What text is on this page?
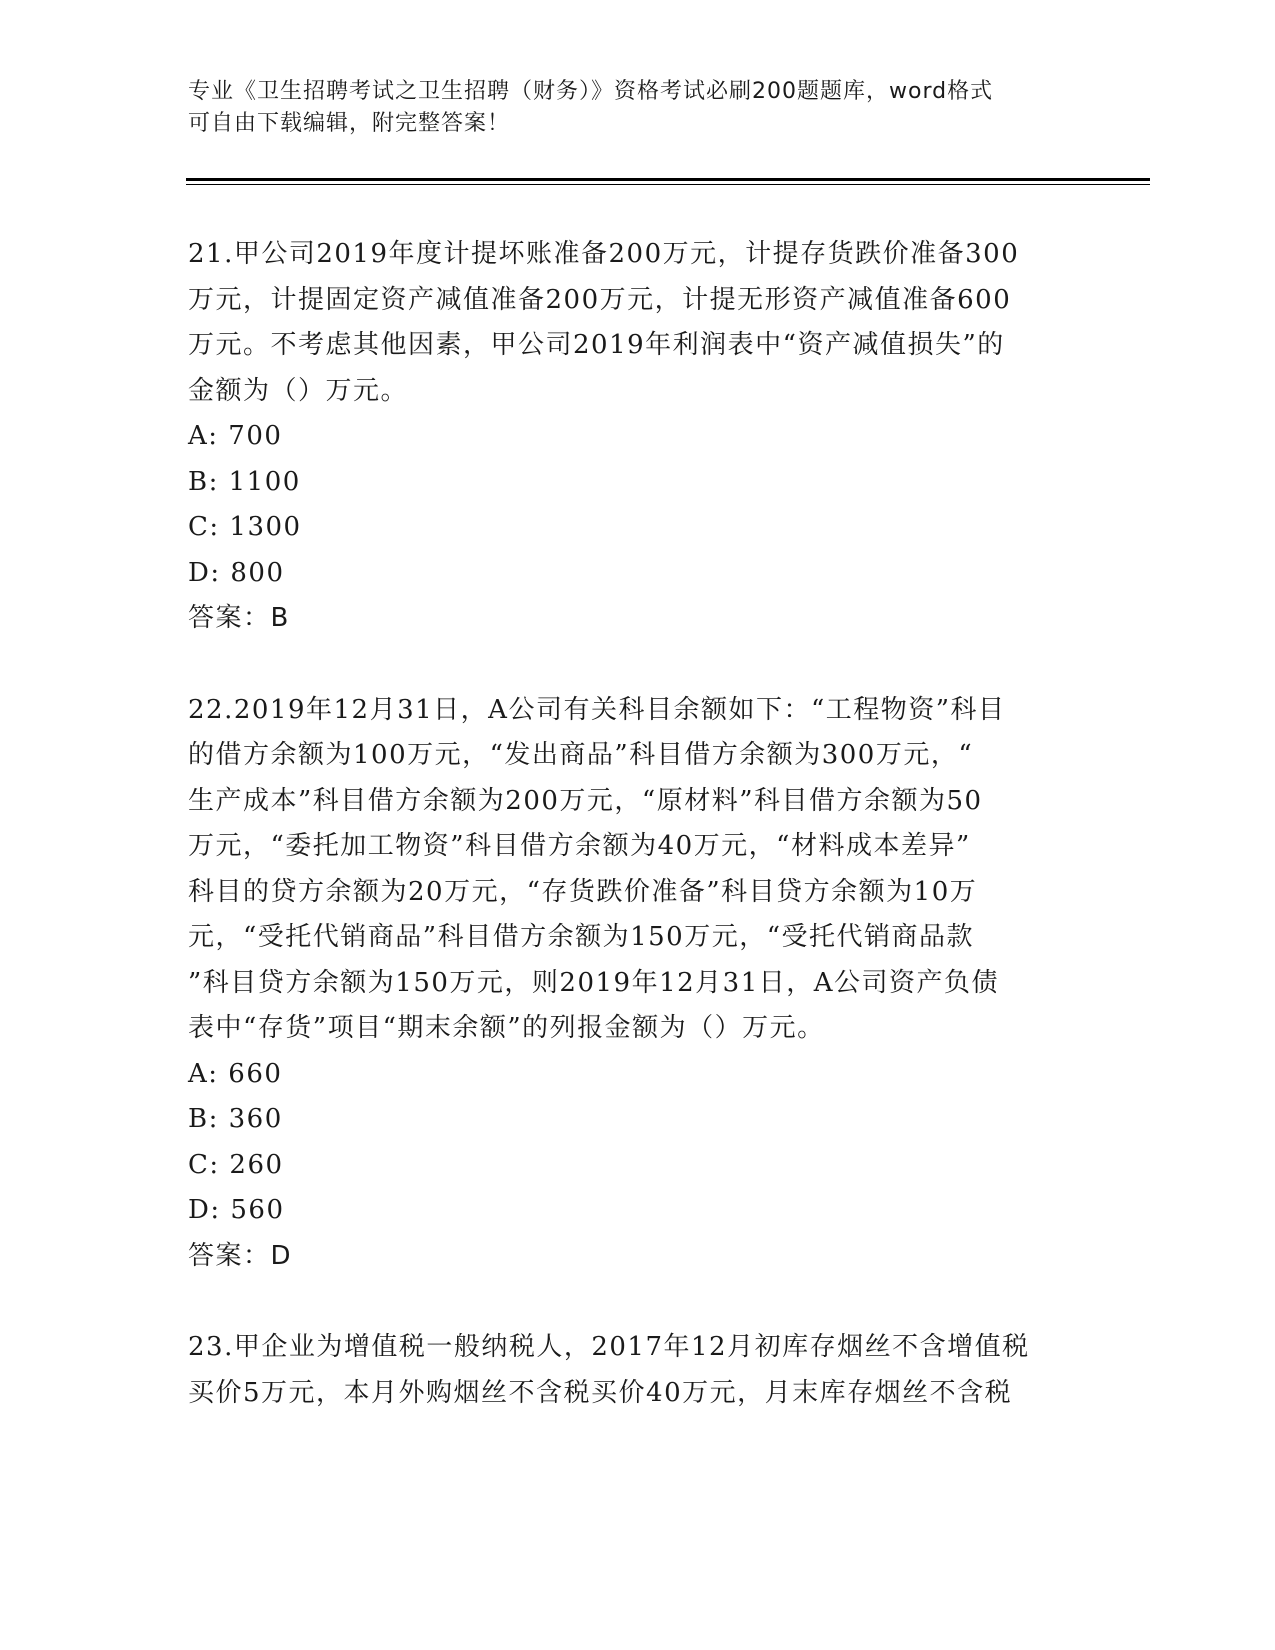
专业《卫生招聘考试之卫生招聘（财务）》资格考试必刷200题题库，word格式
可自由下载编辑，附完整答案！
21.甲公司2019年度计提坏账准备200万元，计提存货跌价准备300
万元，计提固定资产减值准备200万元，计提无形资产减值准备600
万元。不考虑其他因素，甲公司2019年利润表中“资产减值损失”的
金额为（）万元。
A: 700
B: 1100
C: 1300
D: 800
答案：B
22.2019年12月31日，A公司有关科目余额如下：“工程物资”科目
的借方余额为100万元，“发出商品”科目借方余额为300万元，“
生产成本”科目借方余额为200万元，“原材料”科目借方余额为50
万元，“委托加工物资”科目借方余额为40万元，“材料成本差异”
科目的贷方余额为20万元，“存货跌价准备”科目贷方余额为10万
元，“受托代销商品”科目借方余额为150万元，“受托代销商品款
”科目贷方余额为150万元，则2019年12月31日，A公司资产负债
表中“存货”项目“期末余额”的列报金额为（）万元。
A: 660
B: 360
C: 260
D: 560
答案：D
23.甲企业为增值税一般纳税人，2017年12月初库存烟丝不含增值税
买价5万元，本月外购烟丝不含税买价40万元，月末库存烟丝不含税
